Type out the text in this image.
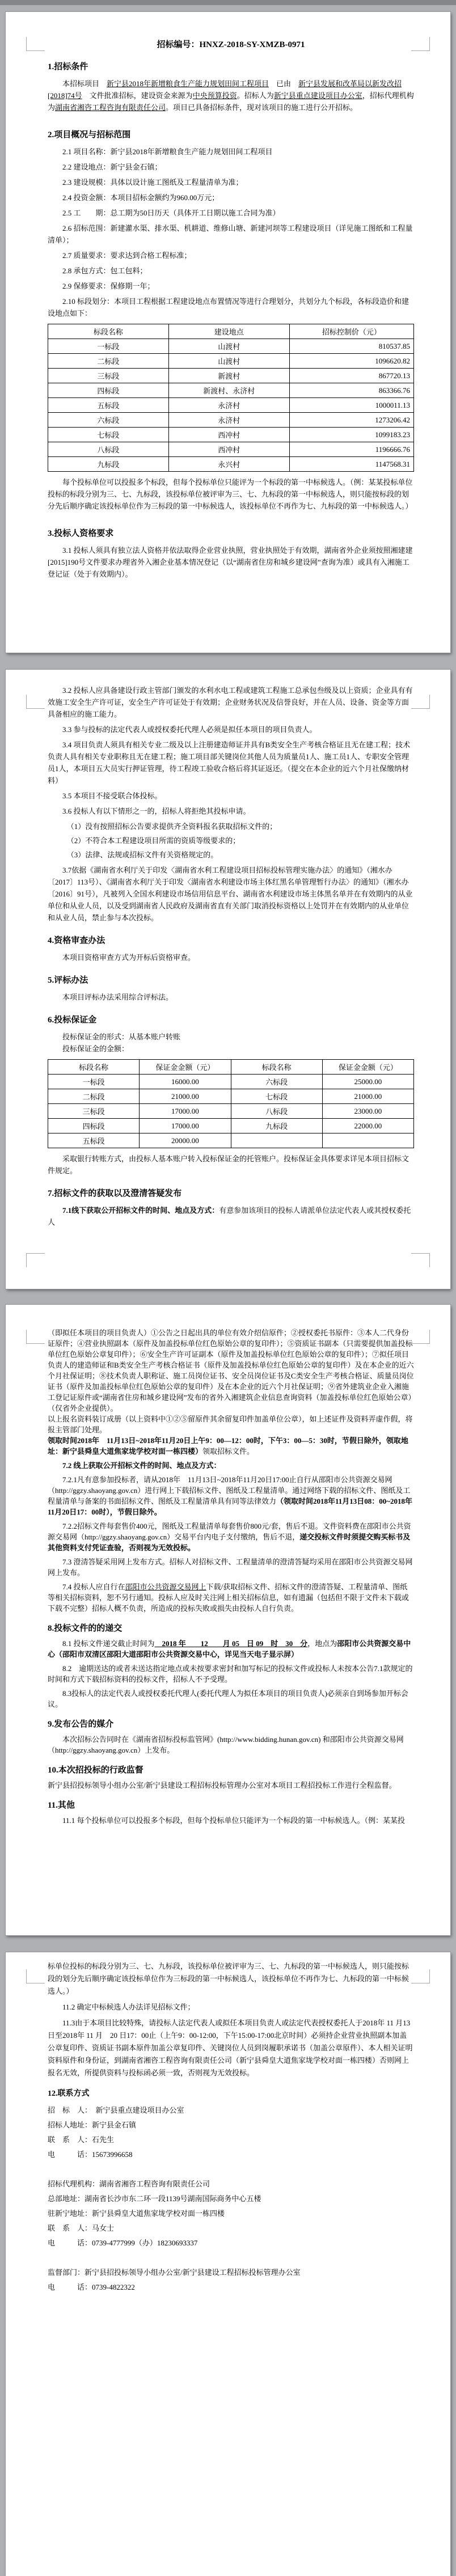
招标编号：HNXZ-2018-SY-XMZB-0971
1.招标条件

本招标项目　新宁县2018年新增粮食生产能力规划田间工程项目　已由　新宁县发展和改革局以新发改招[2018]74号　文件批准招标，建设资金来源为中央预算投资。招标人为新宁县重点建设项目办公室，招标代理机构为湖南省湘咨工程咨询有限责任公司。项目已具备招标条件，现对该项目的施工进行公开招标。

2.项目概况与招标范围

2.1 项目名称：新宁县2018年新增粮食生产能力规划田间工程项目

2.2 建设地点：新宁县金石镇；

2.3 建设规模：具体以设计施工图纸及工程量清单为准；

2.4 投资金额：本项目招标金额约为960.00万元；

2.5 工　　期：总工期为50日历天（具体开工日期以施工合同为准）

2.6 招标范围：新建灌水渠、排水渠、机耕道、维修山塘、新建河坝等工程建设项目（详见施工图纸和工程量清单）；

2.7 质量要求：要求达到合格工程标准；

2.8 承包方式：包工包料；

2.9 保修要求：保修期一年；

2.10 标段划分：本项目工程根据工程建设地点布置情况等进行合理划分，共划分九个标段，各标段造价和建设地点如下：

标段名称	建设地点	招标控制价（元）
一标段	山渡村	810537.85
二标段	山渡村	1096620.82
三标段	新渡村	867720.13
四标段	新渡村、永济村	863366.76
五标段	永济村	1000011.13
六标段	永济村	1273206.42
七标段	西冲村	1099183.23
八标段	西冲村	1196666.76
九标段	永兴村	1147568.31

每个投标单位可以投报多个标段，但每个投标单位只能评为一个标段的第一中标候选人。（例：某某投标单位投标的标段分别为三、七、九标段，该投标单位被评审为三、七、九标段的第一中标候选人，则只能按标段的划分先后顺序确定该投标单位作为三标段的第一中标候选人，该投标单位不再作为七、九标段的第一中标候选人。）

3.投标人资格要求

3.1 投标人须具有独立法人资格并依法取得企业营业执照，营业执照处于有效期，湖南省外企业须按照湘建建[2015]190号文件要求办理省外入湘企业基本情况登记（以“湖南省住房和城乡建设网”查询为准）或具有入湘施工登记证（处于有效期内）。

3.2 投标人应具备建设行政主管部门颁发的水利水电工程或建筑工程施工总承包叁级及以上资质；企业具有有效施工安全生产许可证，安全生产许可证处于有效期；企业财务状况及信誉良好，并在人员、设备、资金等方面具备相应的施工能力。

3.3 参与投标的法定代表人或授权委托代理人必须是拟任本项目的项目负责人。

3.4 项目负责人须具有相关专业二级及以上注册建造师证并具有B类安全生产考核合格证且无在建工程；技术负责人具有相关专业职称且无在建工程；施工项目部关键岗位其他人员为质量员1人、施工员1人、专职安全管理员1人，本项目五大员实行押证管理，待工程竣工验收合格后将其证返还。（提交在本企业的近六个月社保缴纳材料）

3.5 本项目不接受联合体投标。

3.6 投标人有以下情形之一的，招标人将拒绝其投标申请。

（1）没有按照招标公告要求提供齐全资料报名获取招标文件的；

（2）不符合本工程建设项目所需的资质等级要求的；

（3）法律、法规或招标文件有关资格规定的。

3.7依据《湖南省水利厅关于印发〈湖南省水利工程建设项目招标投标管理实施办法〉的通知》（湘水办〔2017〕113号）、《湖南省水利厅关于印发〈湖南省水利建设市场主体红黑名单管理暂行办法〉的通知》（湘水办〔2016〕91号），凡被列入全国水利建设市场信用信息平台、湖南省水利建设市场主体黑名单并在有效期内的从业单位和从业人员，以及受到湖南省人民政府及湖南省直有关部门取消投标资格以上处罚并在有效期内的从业单位和从业人员，禁止参与本次投标。

4.资格审查办法

本项目资格审查方式为开标后资格审查。

5.评标办法

本项目评标办法采用综合评标法。

6.投标保证金

投标保证金的形式：从基本账户转账

投标保证金的金额：

标段名称	保证金金额（元）	标段名称	保证金金额（元）
一标段	16000.00	六标段	25000.00
二标段	21000.00	七标段	21000.00
三标段	17000.00	八标段	23000.00
四标段	17000.00	九标段	22000.00
五标段	20000.00		

采取银行转账方式，由投标人基本账户转入投标保证金的托管账户。投标保证金具体要求详见本项目招标文件规定。

7.招标文件的获取以及澄清答疑发布

7.1线下获取公开招标文件的时间、地点及方式：有意参加该项目的投标人请派单位法定代表人或其授权委托人

（即拟任本项目的项目负责人）①公告之日起出具的单位有效介绍信原件；②授权委托书原件：③本人二代身份证原件；④营业执照副本（原件及加盖投标单位红色原始公章的复印件）；⑤资质证书副本（只需要提供加盖投标单位红色原始公章复印件）；⑥安全生产许可证副本（原件及加盖投标单位红色原始公章的复印件）；⑦拟任项目负责人的建造师证和B类安全生产考核合格证书（原件及加盖投标单位红色原始公章的复印件）及在本企业的近六个月社保证明；⑧技术负责人职称证、施工员岗位证书、安全员岗位证书及C类安全生产考核合格证、质量员岗位证书（原件及加盖投标单位红色原始公章的复印件）及在本企业的近六个月社保证明；⑨省外建筑业企业入湘施工登记证原件或“湖南省住房和城乡建设网”发布的省外入湘建筑企业信息查询资料（加盖投标单位红色原始公章）（仅省外企业提供）。

以上报名资料装订成册（以上资料中①②⑤留原件其余留复印件加盖单位公章），如上述证件及资料弄虚作假，将报主管部门处理。

领取时间2018年　11月13日~2018年11月20日上午9：00—12：00时，下午3：00—5：30时，节假日除外，领取地址：新宁县舜皇大道焦家垅学校对面一栋四楼）领取招标文件。

7.2 线上获取公开招标文件的时间、地点及方式：

7.2.1凡有意参加投标者，请从2018年　11月13日~2018年11月20日17:00止自行从邵阳市公共资源交易网（http://ggzy.shaoyang.gov.cn）进行网上下载招标文件、图纸及工程量清单。通过网络下载的招标文件、图纸及工程量清单与备案的书面招标文件、图纸及工程量清单具有同等法律效力（领取时间2018年11月13日08：00~2018年11月20日17：00时），节假日除外。

7.2.2招标文件每套售价400元，图纸及工程量清单每套售价800元/套，售后不退。文件资料费在邵阳市公共资源交易网（http://ggzy.shaoyang.gov.cn）交易平台内电子支付缴纳，售后不退，递交投标文件时须提交购买标书及其他资料支付凭证查验，否则视为无效投标。

7.3 澄清答疑采用网上发布方式。招标人对招标文件、工程量清单的澄清答疑均采用在邵阳市公共资源交易网网上发布。

7.4 投标人应自行在邵阳市公共资源交易网上下载/获取招标文件、招标文件的澄清答疑、工程量清单、图纸等相关招标资料，恕不另行通知。投标人应及时关注网上相关招标信息，如有遗漏（包括但不限于文件未下载或下载不完整）招标人概不负责，所造成的投标失败或损失由投标人自行负责。

8.投标文件的的递交

8.1 投标文件递交截止时间为　2018 年　　12　　月 05　日 09　时　30　分，地点为邵阳市公共资源交易中心（邵阳市双清区邵阳大道邵阳市公共资源交易中心，详见当天电子显示屏）

8.2　逾期送达的或者未送达指定地点或未按要求密封和加写标记的投标文件或投标人未按本公告7.1款规定的时间和方式下载招标资料的投标文件，招标人不予受理。

8.3投标人的法定代表人或授权委托代理人(委托代理人为拟任本项目的项目负责人)必须亲自到场参加开标会议。

9.发布公告的媒介

本次招标公告同时在《湖南省招标投标监管网》(http://www.bidding.hunan.gov.cn) 和邵阳市公共资源交易网（http://ggzy.shaoyang.gov.cn）上发布。

10.本次招投标的行政监督

新宁县招投标领导小组办公室/新宁县建设工程招标投标管理办公室对本项目工程招投标工作进行全程监督。

11.其他

11.1 每个投标单位可以投报多个标段，但每个投标单位只能评为一个标段的第一中标候选人。（例：某某投

标单位投标的标段分别为三、七、九标段，该投标单位被评审为三、七、九标段的第一中标候选人，则只能按标段的划分先后顺序确定该投标单位作为三标段的第一中标候选人，该投标单位不再作为七、九标段的第一中标候选人。）

11.2 确定中标候选人办法详见招标文件；

11.3由于本项目比较特殊，请投标人法定代表人或拟任本项目负责人或法定代表授权委托人于2018年 11 月13日至2018年 11 月　20 日17：00止（上午9：00-12:00，下午15:00-17:00北京时间）必须持企业营业执照副本加盖公章复印件、资质证书副本原件加盖公章复印件、关键岗位人员到岗履职承诺书（加盖公章原件）、本人相关证明资料原件和身份证，到湖南省湘咨工程咨询有限责任公司（新宁县舜皇大道焦家垅学校对面一栋四楼）否则网上报名无效，所提供资料与投标函必须一致，否则视为无效投标。

12.联系方式

招　标　人：　新宁县重点建设项目办公室

招标人地址：新宁县金石镇

联　系　人：石先生

电　　　话：15673996658

招标代理机构：湖南省湘咨工程咨询有限责任公司

总部地址：湖南省长沙市东二环一段1139号湖南国际商务中心五楼

驻新宁地址：新宁县舜皇大道焦家垅学校对面一栋四楼

联　系　人：马女士

电　　　话：0739-4777999（办）18230693337

监督部门：新宁县招投标领导小组办公室/新宁县建设工程招标投标管理办公室

电　　　话：0739-4822322
